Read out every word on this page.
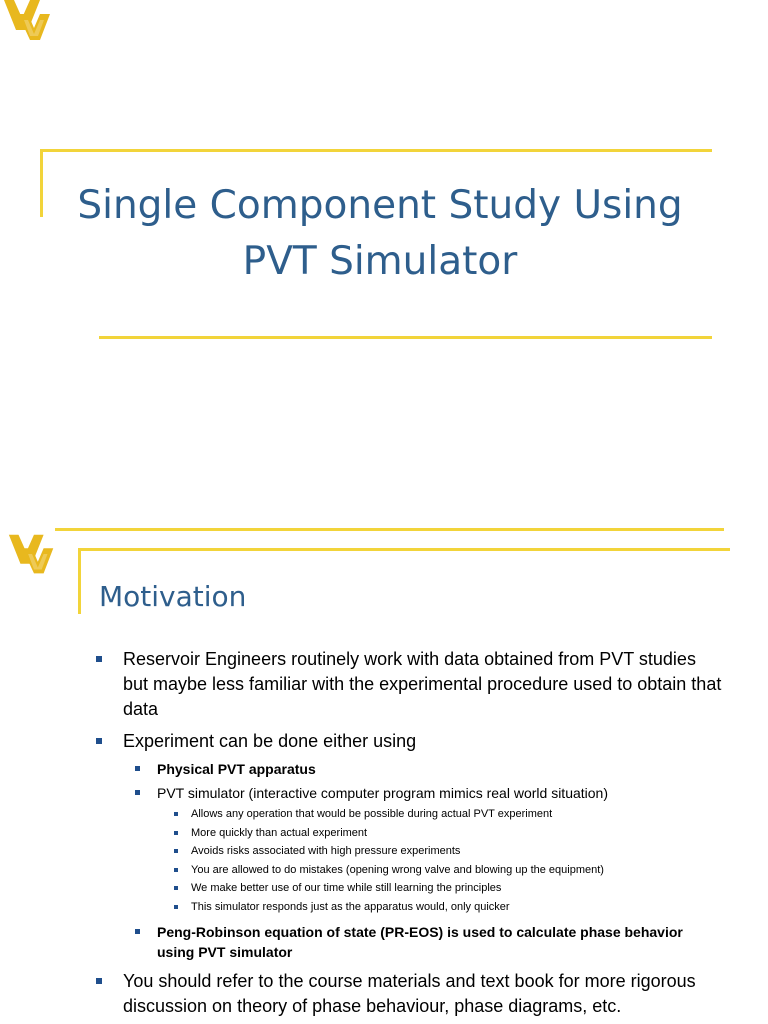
Single Component Study Using
PVT Simulator
Motivation
Reservoir Engineers routinely work with data obtained from PVT studies but maybe less familiar with the experimental procedure used to obtain that data
Experiment can be done either using
Physical PVT apparatus
PVT simulator (interactive computer program mimics real world situation)
Allows any operation that would be possible during actual PVT experiment
More quickly than actual experiment
Avoids risks associated with high pressure experiments
You are allowed to do mistakes (opening wrong valve and blowing up the equipment)
We make better use of our time while still learning the principles
This simulator responds just as the apparatus would, only quicker
Peng-Robinson equation of state (PR-EOS) is used to calculate phase behavior using PVT simulator
You should refer to the course materials and text book for more rigorous discussion on theory of phase behaviour, phase diagrams, etc.
